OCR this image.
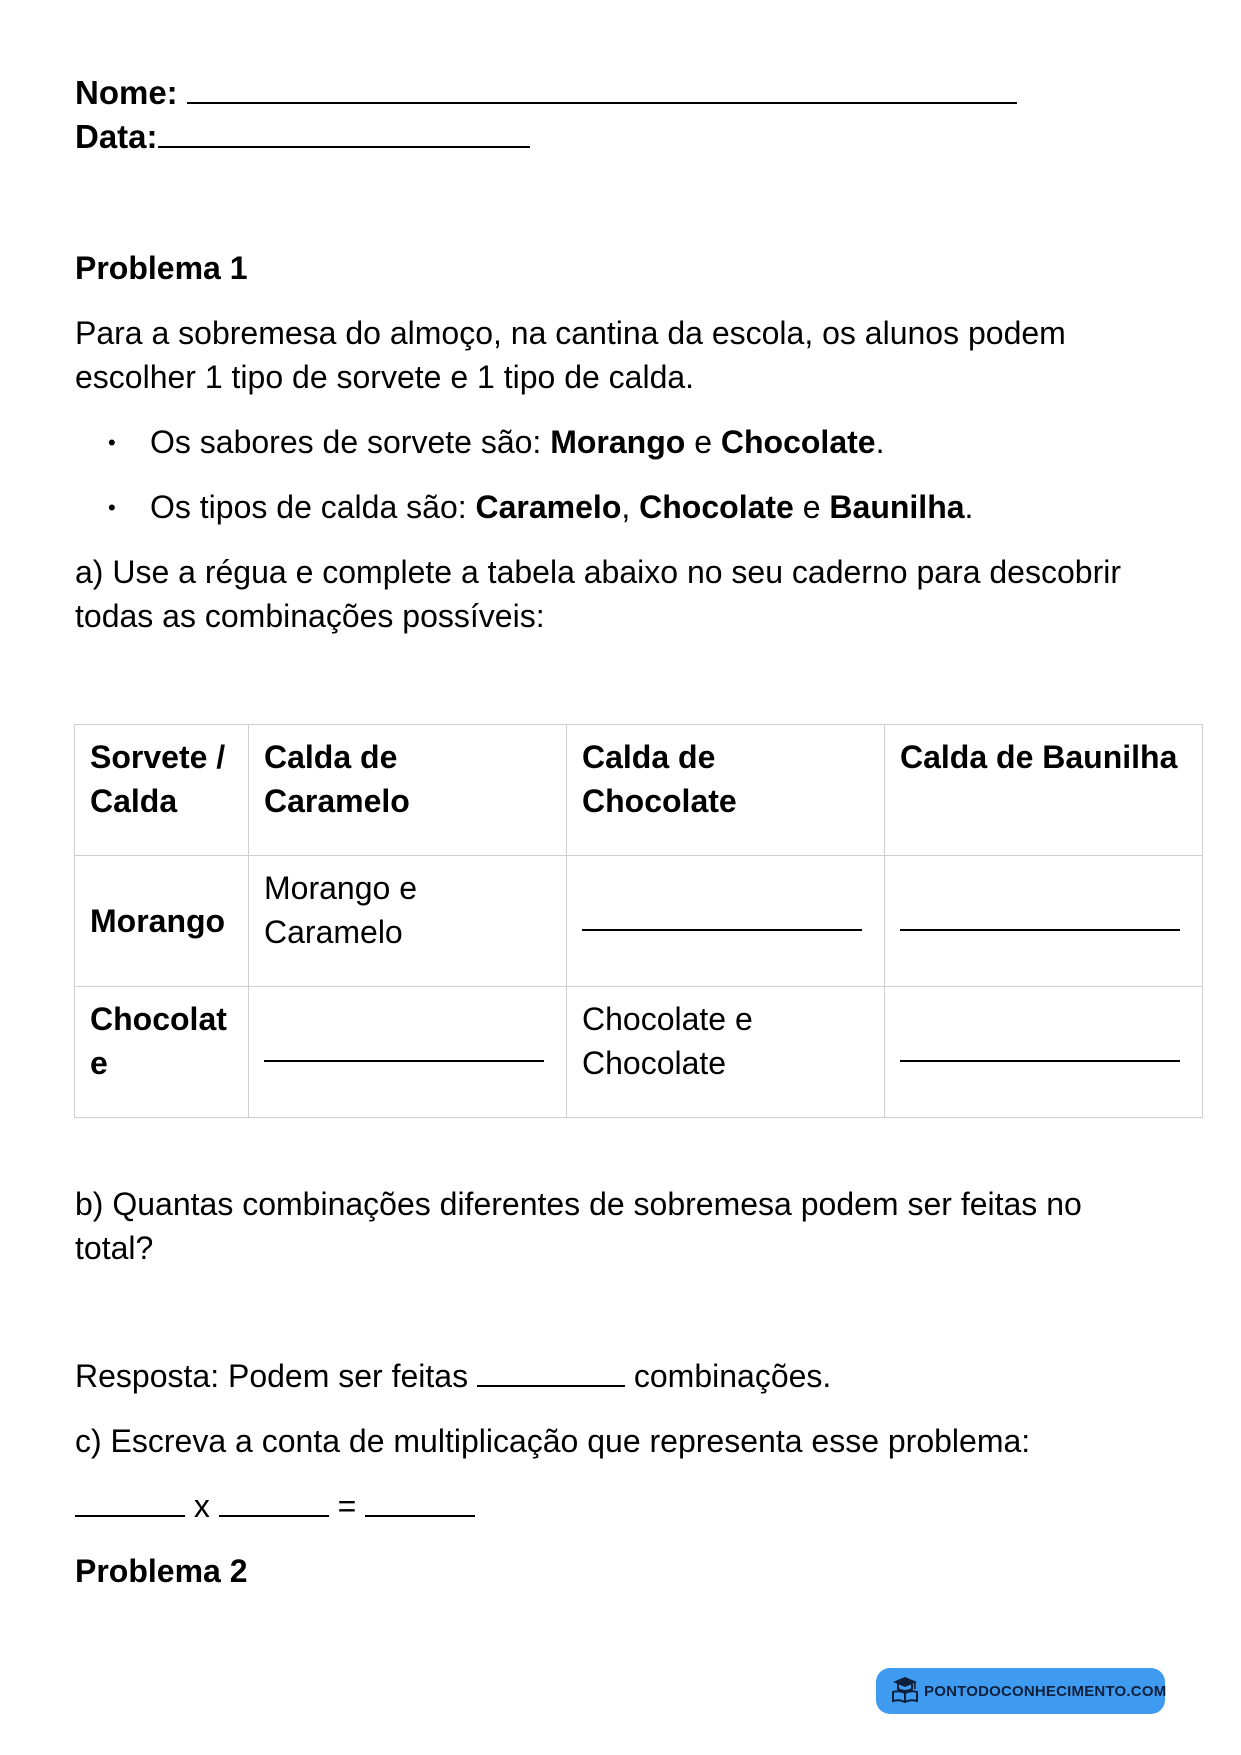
Nome:
Data:
Problema 1
Para a sobremesa do almoço, na cantina da escola, os alunos podem
escolher 1 tipo de sorvete e 1 tipo de calda.
• Os sabores de sorvete são: Morango e Chocolate.
• Os tipos de calda são: Caramelo, Chocolate e Baunilha.
a) Use a régua e complete a tabela abaixo no seu caderno para descobrir
todas as combinações possíveis:
Sorvete / Calda	Calda de Caramelo	Calda de Chocolate	Calda de Baunilha
Morango	Morango e Caramelo	

Chocolate		Chocolate e Chocolate	
b) Quantas combinações diferentes de sobremesa podem ser feitas no
total?
Resposta: Podem ser feitas	combinações.
c) Escreva a conta de multiplicação que representa esse problema:
x	=
Problema 2
PONTODOCONHECIMENTO.COM
